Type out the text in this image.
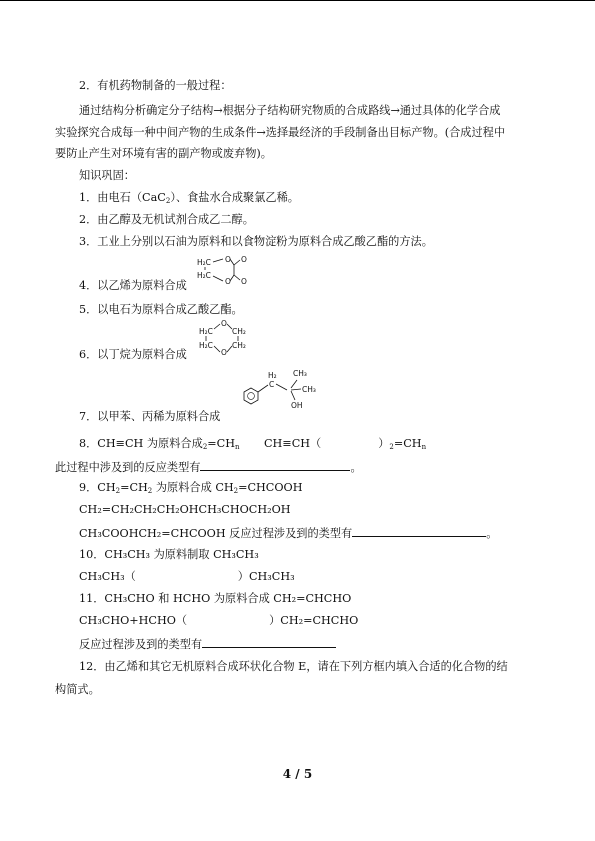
2．有机药物制备的一般过程：
通过结构分析确定分子结构→根据分子结构研究物质的合成路线→通过具体的化学合成
实验探究合成每一种中间产物的生成条件→选择最经济的手段制备出目标产物。(合成过程中
要防止产生对环境有害的副产物或废弃物)。
知识巩固：
1．由电石（CaC$_2$）、食盐水合成聚氯乙稀。
2．由乙醇及无机试剂合成乙二醇。
3．工业上分别以石油为原料和以食物淀粉为原料合成乙酸乙酯的方法。
H₂C
H₂C
O
O
O
O
4．以乙烯为原料合成
5．以电石为原料合成乙酸乙酯。
H₂C
H₂C
CH₂
CH₂
O
O
6．以丁烷为原料合成
H₂ CH₃
CH₃
OH
C
7．以甲苯、丙稀为原料合成
8．CH≡CH 为原料合成$_2=CH_n$ CH≡CH（	）$_2=CH_n$
此过程中涉及到的反应类型有	。
9．$CH_2=CH_2$ 为原料合成 $CH_2=CHCOOH$
CH₂=CH₂CH₂CH₂OHCH₃CHOCH₂OH
CH₃COOHCH₂=CHCOOH 反应过程涉及到的类型有	。
10．CH₃CH₃ 为原料制取 CH₃CH₃
CH₃CH₃（	）CH₃CH₃
11．CH₃CHO 和 HCHO 为原料合成 CH₂=CHCHO
CH₃CHO+HCHO（	）CH₂=CHCHO
反应过程涉及到的类型有
12．由乙烯和其它无机原料合成环状化合物 E，请在下列方框内填入合适的化合物的结
构简式。
4 / 5
